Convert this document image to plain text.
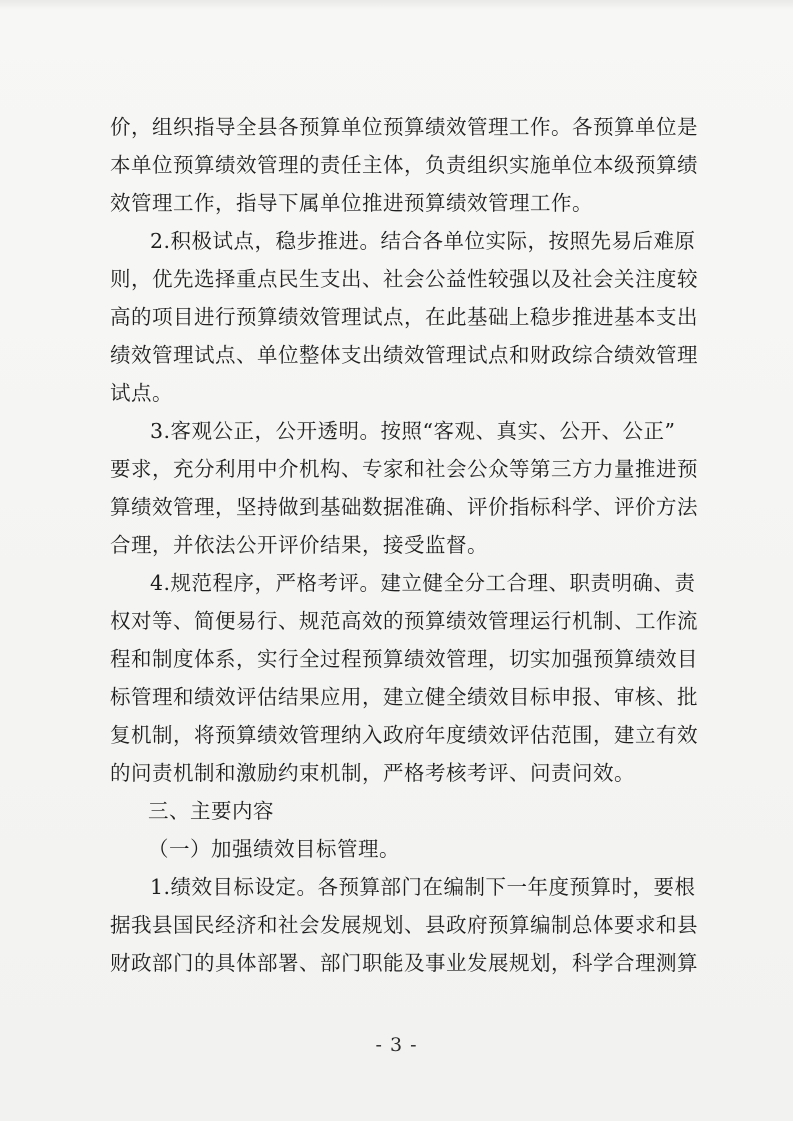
价，组织指导全县各预算单位预算绩效管理工作。各预算单位是
本单位预算绩效管理的责任主体，负责组织实施单位本级预算绩
效管理工作，指导下属单位推进预算绩效管理工作。
2.积极试点，稳步推进。结合各单位实际，按照先易后难原
则，优先选择重点民生支出、社会公益性较强以及社会关注度较
高的项目进行预算绩效管理试点，在此基础上稳步推进基本支出
绩效管理试点、单位整体支出绩效管理试点和财政综合绩效管理
试点。
3.客观公正，公开透明。按照“客观、真实、公开、公正”
要求，充分利用中介机构、专家和社会公众等第三方力量推进预
算绩效管理，坚持做到基础数据准确、评价指标科学、评价方法
合理，并依法公开评价结果，接受监督。
4.规范程序，严格考评。建立健全分工合理、职责明确、责
权对等、简便易行、规范高效的预算绩效管理运行机制、工作流
程和制度体系，实行全过程预算绩效管理，切实加强预算绩效目
标管理和绩效评估结果应用，建立健全绩效目标申报、审核、批
复机制，将预算绩效管理纳入政府年度绩效评估范围，建立有效
的问责机制和激励约束机制，严格考核考评、问责问效。
三、主要内容
（一）加强绩效目标管理。
1.绩效目标设定。各预算部门在编制下一年度预算时，要根
据我县国民经济和社会发展规划、县政府预算编制总体要求和县
财政部门的具体部署、部门职能及事业发展规划，科学合理测算
- 3 -
